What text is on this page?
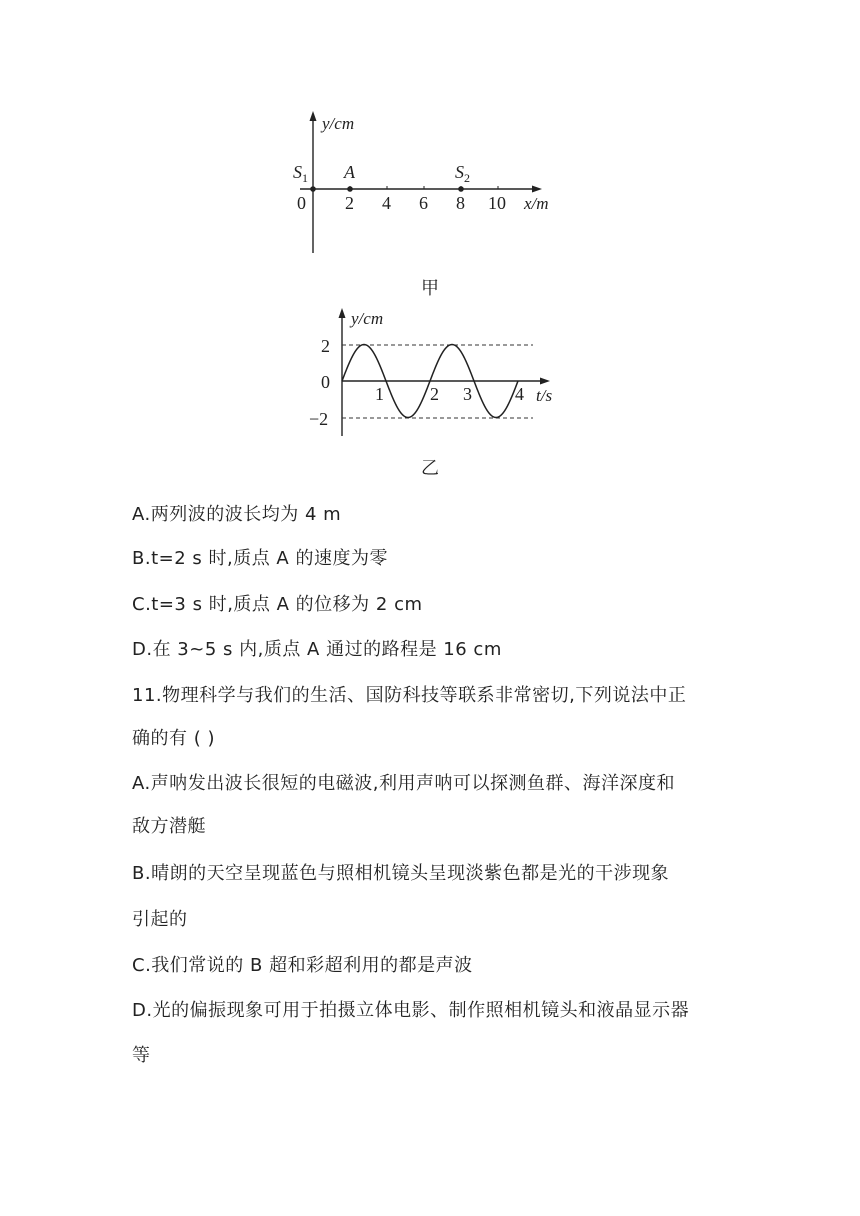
y/cm
x/m
0 2 4 6 8 10
$S_1$ A	$S_2$
甲
y/cm
t/s
2
0
−2
1	2 3 4
乙
A.两列波的波长均为 4 m
B.t=2 s 时,质点 A 的速度为零
C.t=3 s 时,质点 A 的位移为 2 cm
D.在 3~5 s 内,质点 A 通过的路程是 16 cm
11.物理科学与我们的生活、国防科技等联系非常密切,下列说法中正
确的有 ( )
A.声呐发出波长很短的电磁波,利用声呐可以探测鱼群、海洋深度和
敌方潜艇
B.晴朗的天空呈现蓝色与照相机镜头呈现淡紫色都是光的干涉现象
引起的
C.我们常说的 B 超和彩超利用的都是声波
D.光的偏振现象可用于拍摄立体电影、制作照相机镜头和液晶显示器
等
